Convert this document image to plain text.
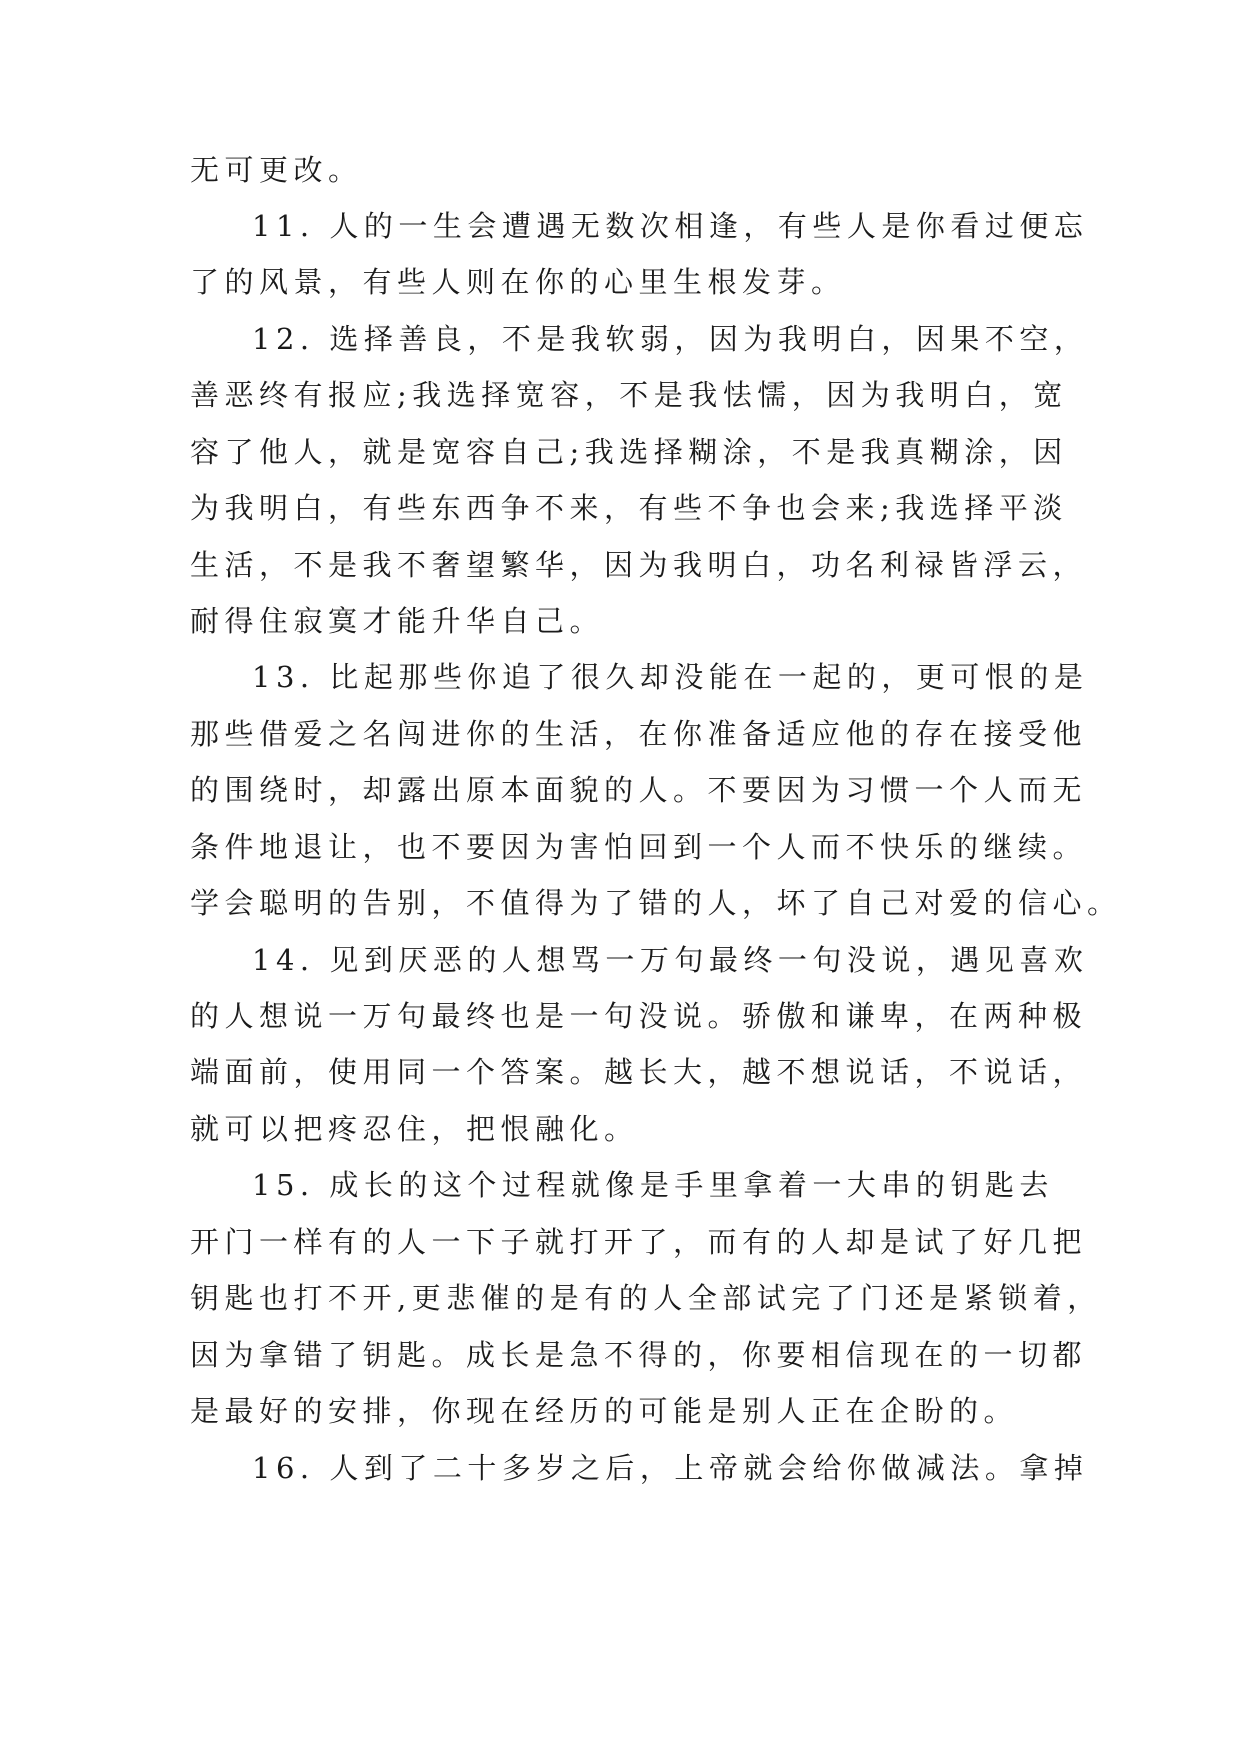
无可更改。
11. 人的一生会遭遇无数次相逢，有些人是你看过便忘
了的风景，有些人则在你的心里生根发芽。
12. 选择善良，不是我软弱，因为我明白，因果不空，
善恶终有报应;我选择宽容，不是我怯懦，因为我明白，宽
容了他人，就是宽容自己;我选择糊涂，不是我真糊涂，因
为我明白，有些东西争不来，有些不争也会来;我选择平淡
生活，不是我不奢望繁华，因为我明白，功名利禄皆浮云，
耐得住寂寞才能升华自己。
13. 比起那些你追了很久却没能在一起的，更可恨的是
那些借爱之名闯进你的生活，在你准备适应他的存在接受他
的围绕时，却露出原本面貌的人。不要因为习惯一个人而无
条件地退让，也不要因为害怕回到一个人而不快乐的继续。
学会聪明的告别，不值得为了错的人，坏了自己对爱的信心。
14. 见到厌恶的人想骂一万句最终一句没说，遇见喜欢
的人想说一万句最终也是一句没说。骄傲和谦卑，在两种极
端面前，使用同一个答案。越长大，越不想说话，不说话，
就可以把疼忍住，把恨融化。
15. 成长的这个过程就像是手里拿着一大串的钥匙去
开门一样有的人一下子就打开了，而有的人却是试了好几把
钥匙也打不开,更悲催的是有的人全部试完了门还是紧锁着，
因为拿错了钥匙。成长是急不得的，你要相信现在的一切都
是最好的安排，你现在经历的可能是别人正在企盼的。
16. 人到了二十多岁之后，上帝就会给你做减法。拿掉
